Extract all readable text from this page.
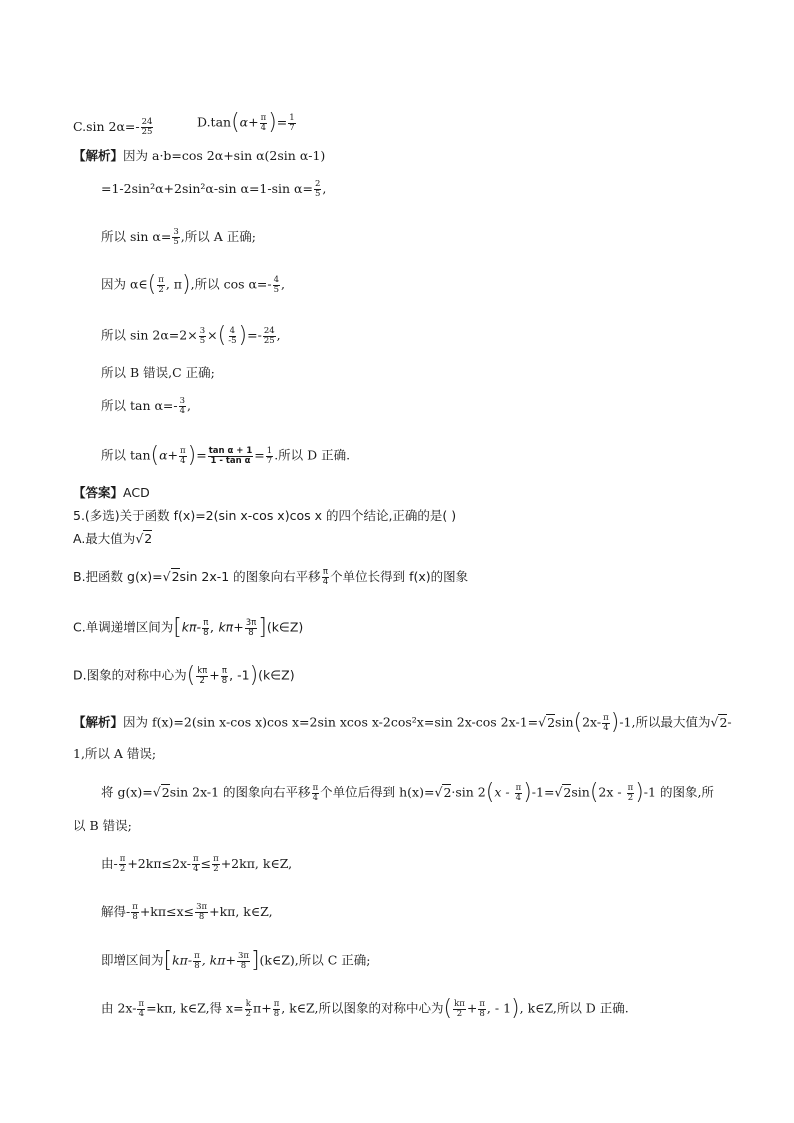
C.sin $2\alpha=- \frac{24}{25}$	$D.\tan(\alpha+ \frac{\pi}{4}$ )= $\frac{1}{7}$
【解析】因为 a·b=cos 2α+sin α(2sin α-1)
=1-2sin²α+2sin²α-sin α=1-sin $\alpha= \frac{2}{5}$ ,
所以 $\sin \alpha= \frac{3}{5}$ ,所以 A 正确;
因为 α∈( $\frac{\pi}{2}$ , π),所以 $\cos \alpha=- \frac{4}{5}$ ,
所以 $\sin 2\alpha=2\times \frac{3}{5}$ ×( $\frac{4}{-5}$ )=- $\frac{24}{25}$ ,
所以 B 错误,C 正确;
所以 $\tan \alpha=- \frac{3}{4}$ ,
所以 $\tan(\alpha+ \frac{\pi}{4}$ )= $\frac{\text{tan α + 1}}{\text{1 - tan α}} = \frac{1}{7}$ .所以 D 正确.
【答案】ACD
5.(多选)关于函数 f(x)=2(sin x-cos x)cos x 的四个结论,正确的是( )
A.最大值为√2
B.把函数 g(x)=√2sin 2x-1 的图象向右平移 $\frac{\pi}{4}$ 个单位长得到 f(x)的图象
C.单调递增区间为[$k\pi- \frac{\pi}{8}$ , $k\pi+ \frac{3\pi}{8}$ ](k∈Z)
D.图象的对称中心为( $\frac{k\pi}{2} + \frac{\pi}{8}$ , -1)(k∈Z)
【解析】因为 f(x)=2(sin x-cos x)cos x=2sin xcos x-2cos²x=sin 2x-cos $2x-1=√2\sin(2x- \frac{\pi}{4} )-1$,所以最大值为√2-
1,所以 A 错误;
将 g(x)=√2sin 2x-1 的图象向右平移 $\frac{\pi}{4}$ 个单位后得到 h(x)=√2·sin $2(x - \frac{\pi}{4} )-1=√2\sin(2x - \frac{\pi}{2} )-1$ 的图象,所
以 B 错误;
由- $\frac{\pi}{2} +2k\pi\le 2x- \frac{\pi}{4} \le \frac{\pi}{2} +2k\pi$, k∈Z,
解得- $\frac{\pi}{8} +k\pi\le x\le \frac{3\pi}{8} +k\pi$, k∈Z,
即增区间为[$k\pi- \frac{\pi}{8}$ , $k\pi+ \frac{3\pi}{8}$ ](k∈Z),所以 C 正确;
由 $2x- \frac{\pi}{4} =k\pi$, k∈Z,得 $x= \frac{k}{2} \pi+ \frac{\pi}{8}$ , k∈Z,所以图象的对称中心为( $\frac{k\pi}{2} + \frac{\pi}{8}$ , - 1), k∈Z,所以 D 正确.
